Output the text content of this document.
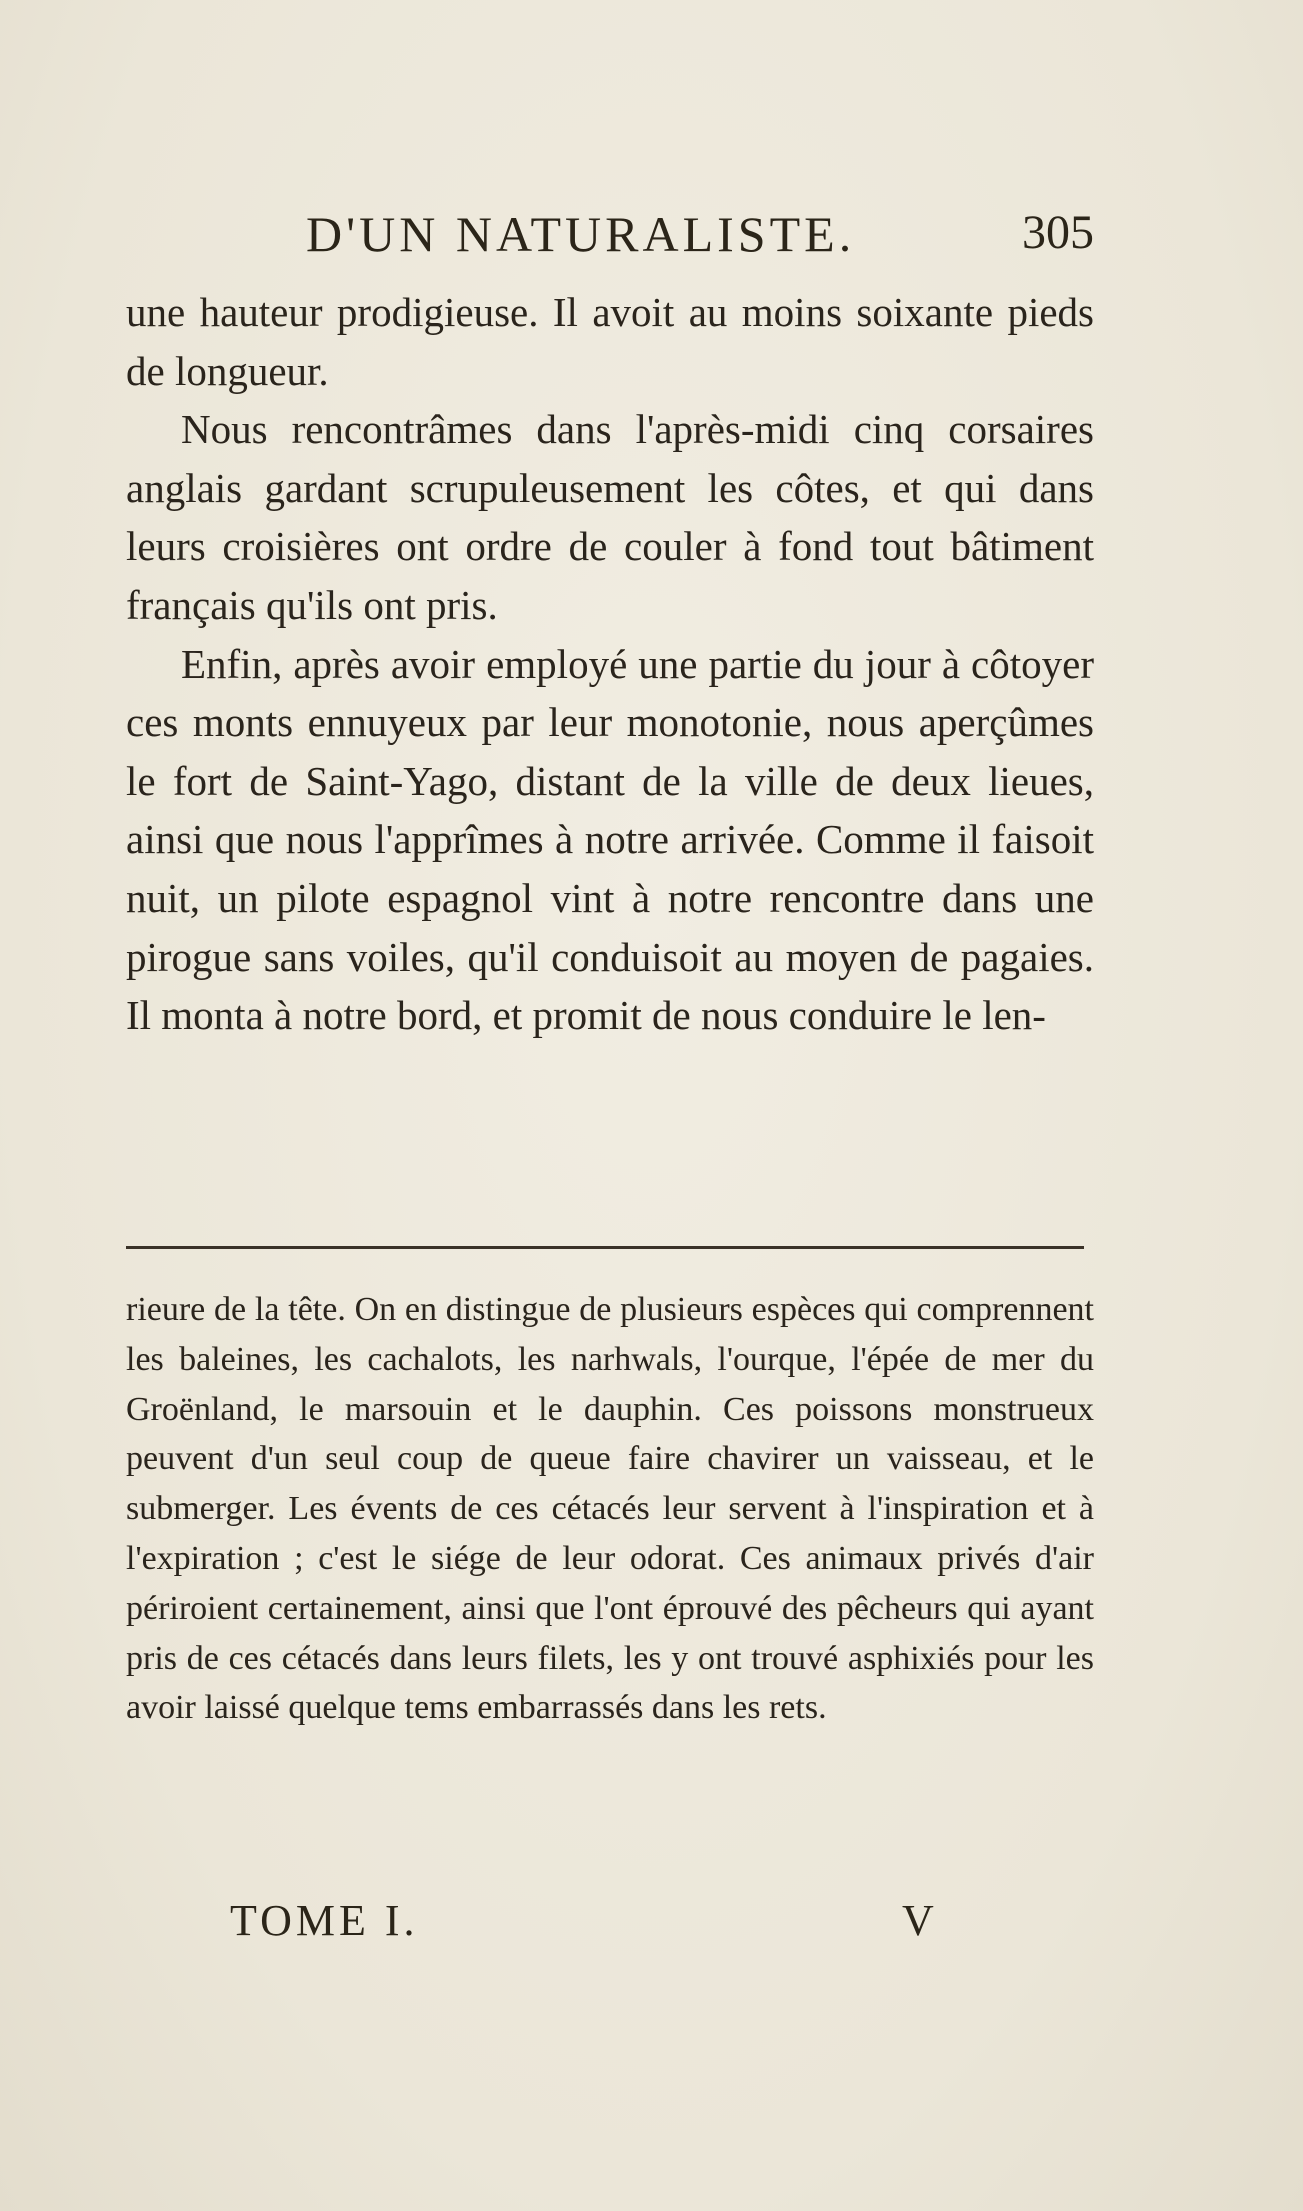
D'UN NATURALISTE.	305

une hauteur prodigieuse. Il avoit au moins soixante pieds de longueur.

Nous rencontrâmes dans l'après-midi cinq corsaires anglais gardant scrupuleusement les côtes, et qui dans leurs croisières ont ordre de couler à fond tout bâtiment français qu'ils ont pris.

Enfin, après avoir employé une partie du jour à côtoyer ces monts ennuyeux par leur monotonie, nous aperçûmes le fort de Saint-Yago, distant de la ville de deux lieues, ainsi que nous l'apprîmes à notre arrivée. Comme il faisoit nuit, un pilote espagnol vint à notre rencontre dans une pirogue sans voiles, qu'il conduisoit au moyen de pagaies. Il monta à notre bord, et promit de nous conduire le len-

rieure de la tête. On en distingue de plusieurs espèces qui comprennent les baleines, les cachalots, les narhwals, l'ourque, l'épée de mer du Groënland, le marsouin et le dauphin. Ces poissons monstrueux peuvent d'un seul coup de queue faire chavirer un vaisseau, et le submerger. Les évents de ces cétacés leur servent à l'inspiration et à l'expiration ; c'est le siége de leur odorat. Ces animaux privés d'air périroient certainement, ainsi que l'ont éprouvé des pêcheurs qui ayant pris de ces cétacés dans leurs filets, les y ont trouvé asphixiés pour les avoir laissé quelque tems embarrassés dans les rets.

TOME I.	V
